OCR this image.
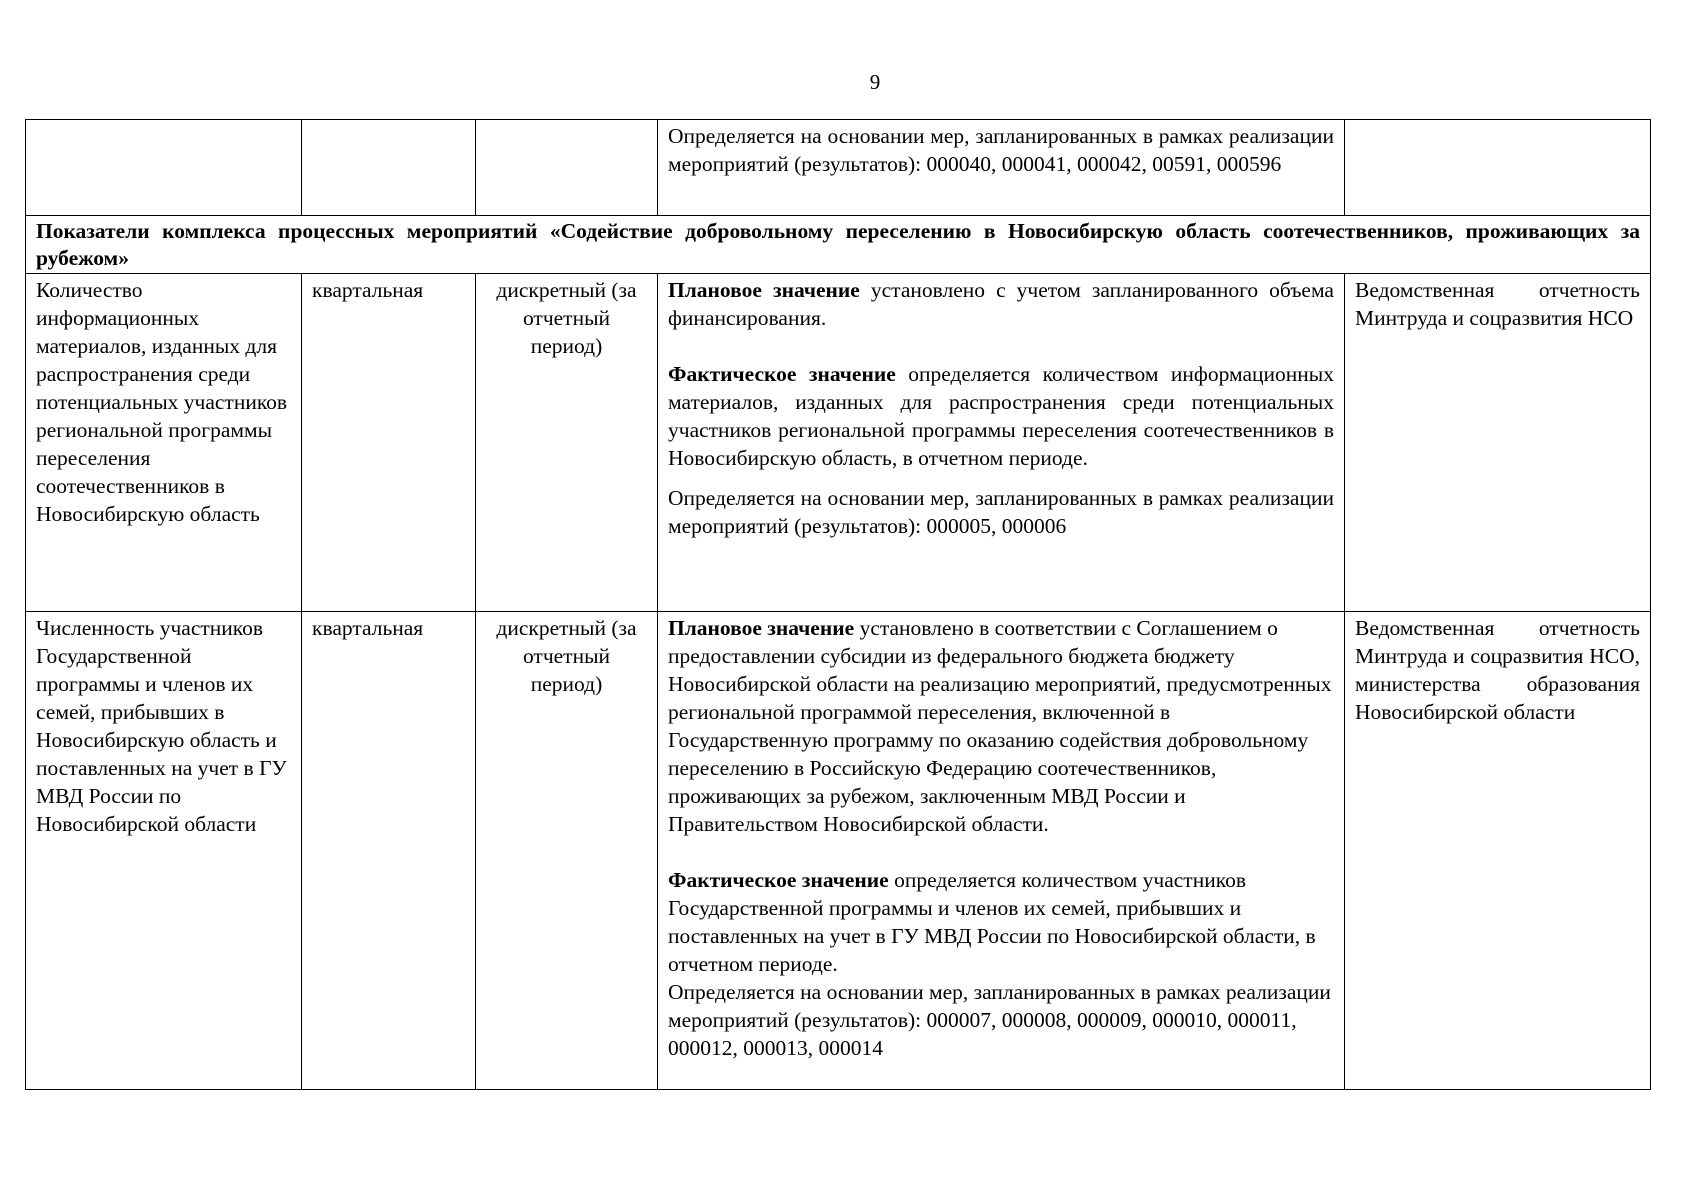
9

			Определяется на основании мер, запланированных в рамках реализации мероприятий (результатов): 000040, 000041, 000042, 00591, 000596	

Показатели комплекса процессных мероприятий «Содействие добровольному переселению в Новосибирскую область соотечественников, проживающих за рубежом»				
Количество информационных материалов, изданных для распространения среди потенциальных участников региональной программы переселения соотечественников в Новосибирскую область	квартальная	дискретный (за отчетный период)	Плановое значение установлено с учетом запланированного объема финансирования.

Фактическое значение определяется количеством информационных материалов, изданных для распространения среди потенциальных участников региональной программы переселения соотечественников в Новосибирскую область, в отчетном периоде.

Определяется на основании мер, запланированных в рамках реализации мероприятий (результатов): 000005, 000006	Ведомственная отчетность Минтруда и соцразвития НСО
Численность участников Государственной программы и членов их семей, прибывших в Новосибирскую область и поставленных на учет в ГУ МВД России по Новосибирской области	квартальная	дискретный (за отчетный период)	Плановое значение установлено в соответствии с Соглашением о предоставлении субсидии из федерального бюджета бюджету Новосибирской области на реализацию мероприятий, предусмотренных региональной программой переселения, включенной в Государственную программу по оказанию содействия добровольному переселению в Российскую Федерацию соотечественников, проживающих за рубежом, заключенным МВД России и Правительством Новосибирской области.

Фактическое значение определяется количеством участников Государственной программы и членов их семей, прибывших и поставленных на учет в ГУ МВД России по Новосибирской области, в отчетном периоде.

Определяется на основании мер, запланированных в рамках реализации мероприятий (результатов): 000007, 000008, 000009, 000010, 000011, 000012, 000013, 000014	Ведомственная отчетность Минтруда и соцразвития НСО, министерства образования Новосибирской области
